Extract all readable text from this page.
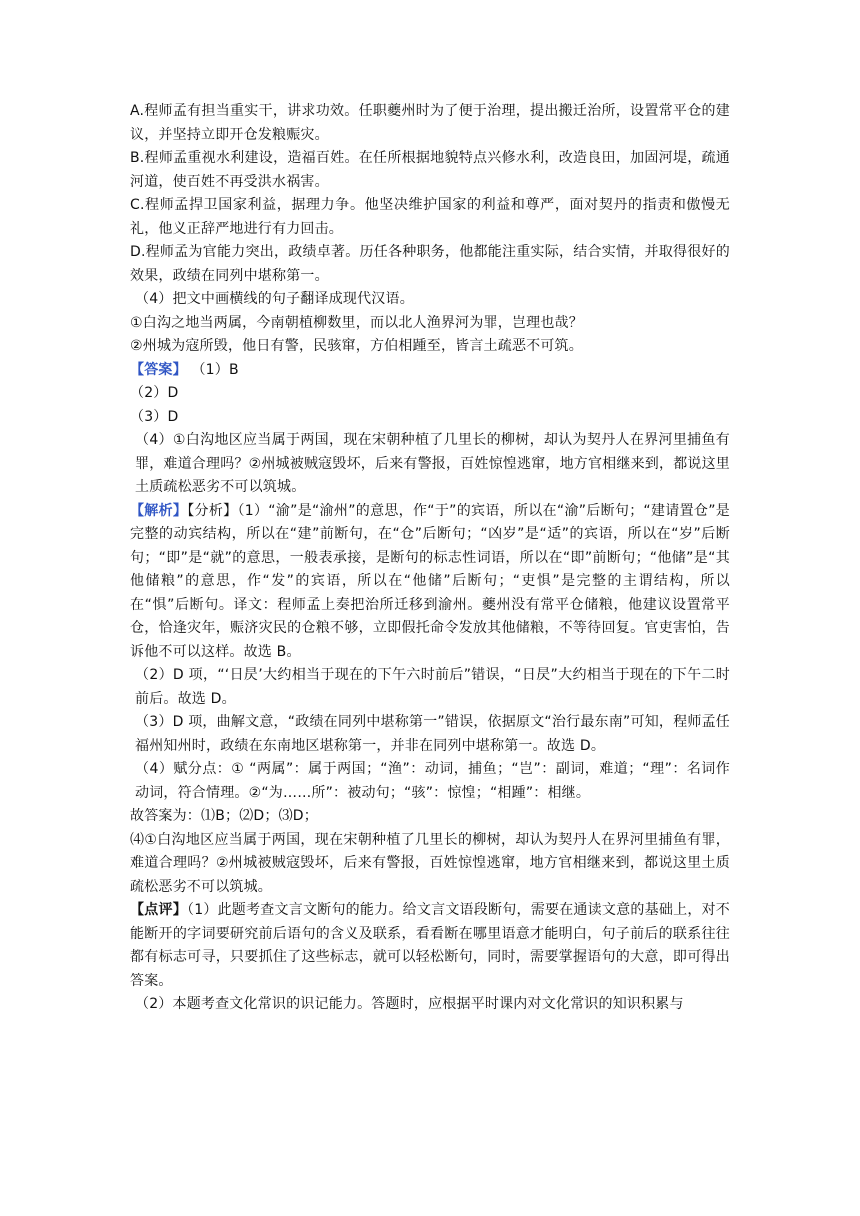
A.程师孟有担当重实干，讲求功效。任职夔州时为了便于治理，提出搬迁治所，设置常平仓的建议，并坚持立即开仓发粮赈灾。

B.程师孟重视水利建设，造福百姓。在任所根据地貌特点兴修水利，改造良田，加固河堤，疏通河道，使百姓不再受洪水祸害。

C.程师孟捍卫国家利益，据理力争。他坚决维护国家的利益和尊严，面对契丹的指责和傲慢无礼，他义正辞严地进行有力回击。

D.程师孟为官能力突出，政绩卓著。历任各种职务，他都能注重实际，结合实情，并取得很好的效果，政绩在同列中堪称第一。

（4）把文中画横线的句子翻译成现代汉语。

①白沟之地当两属，今南朝植柳数里，而以北人渔界河为罪，岂理也哉？

②州城为寇所毁，他日有警，民骇窜，方伯相踵至，皆言土疏恶不可筑。

【答案】 （1）B

（2）D

（3）D

（4）①白沟地区应当属于两国，现在宋朝种植了几里长的柳树，却认为契丹人在界河里捕鱼有罪，难道合理吗？②州城被贼寇毁坏，后来有警报，百姓惊惶逃窜，地方官相继来到，都说这里土质疏松恶劣不可以筑城。

【解析】【分析】（1）“渝”是“渝州”的意思，作“于”的宾语，所以在“渝”后断句；“建请置仓”是完整的动宾结构，所以在“建”前断句，在“仓”后断句；“凶岁”是“适”的宾语，所以在“岁”后断句；“即”是“就”的意思，一般表承接，是断句的标志性词语，所以在“即”前断句；“他储”是“其他储粮”的意思，作“发”的宾语，所以在“他储”后断句；“吏惧”是完整的主谓结构，所以在“惧”后断句。译文：程师孟上奏把治所迁移到渝州。夔州没有常平仓储粮，他建议设置常平仓，恰逢灾年，赈济灾民的仓粮不够，立即假托命令发放其他储粮，不等待回复。官吏害怕，告诉他不可以这样。故选 B。

（2）D 项，“‘日昃’大约相当于现在的下午六时前后”错误，“日昃”大约相当于现在的下午二时前后。故选 D。

（3）D 项，曲解文意，“政绩在同列中堪称第一”错误，依据原文“治行最东南”可知，程师孟任福州知州时，政绩在东南地区堪称第一，并非在同列中堪称第一。故选 D。

（4）赋分点：① “两属”：属于两国；“渔”：动词，捕鱼；“岂”：副词，难道；“理”：名词作动词，符合情理。②“为……所”：被动句；“骇”：惊惶；“相踵”：相继。

故答案为：⑴B；⑵D；⑶D；

⑷①白沟地区应当属于两国，现在宋朝种植了几里长的柳树，却认为契丹人在界河里捕鱼有罪，难道合理吗？②州城被贼寇毁坏，后来有警报，百姓惊惶逃窜，地方官相继来到，都说这里土质疏松恶劣不可以筑城。

【点评】（1）此题考查文言文断句的能力。给文言文语段断句，需要在通读文意的基础上，对不能断开的字词要研究前后语句的含义及联系，看看断在哪里语意才能明白，句子前后的联系往往都有标志可寻，只要抓住了这些标志，就可以轻松断句，同时，需要掌握语句的大意，即可得出答案。

（2）本题考查文化常识的识记能力。答题时，应根据平时课内对文化常识的知识积累与
